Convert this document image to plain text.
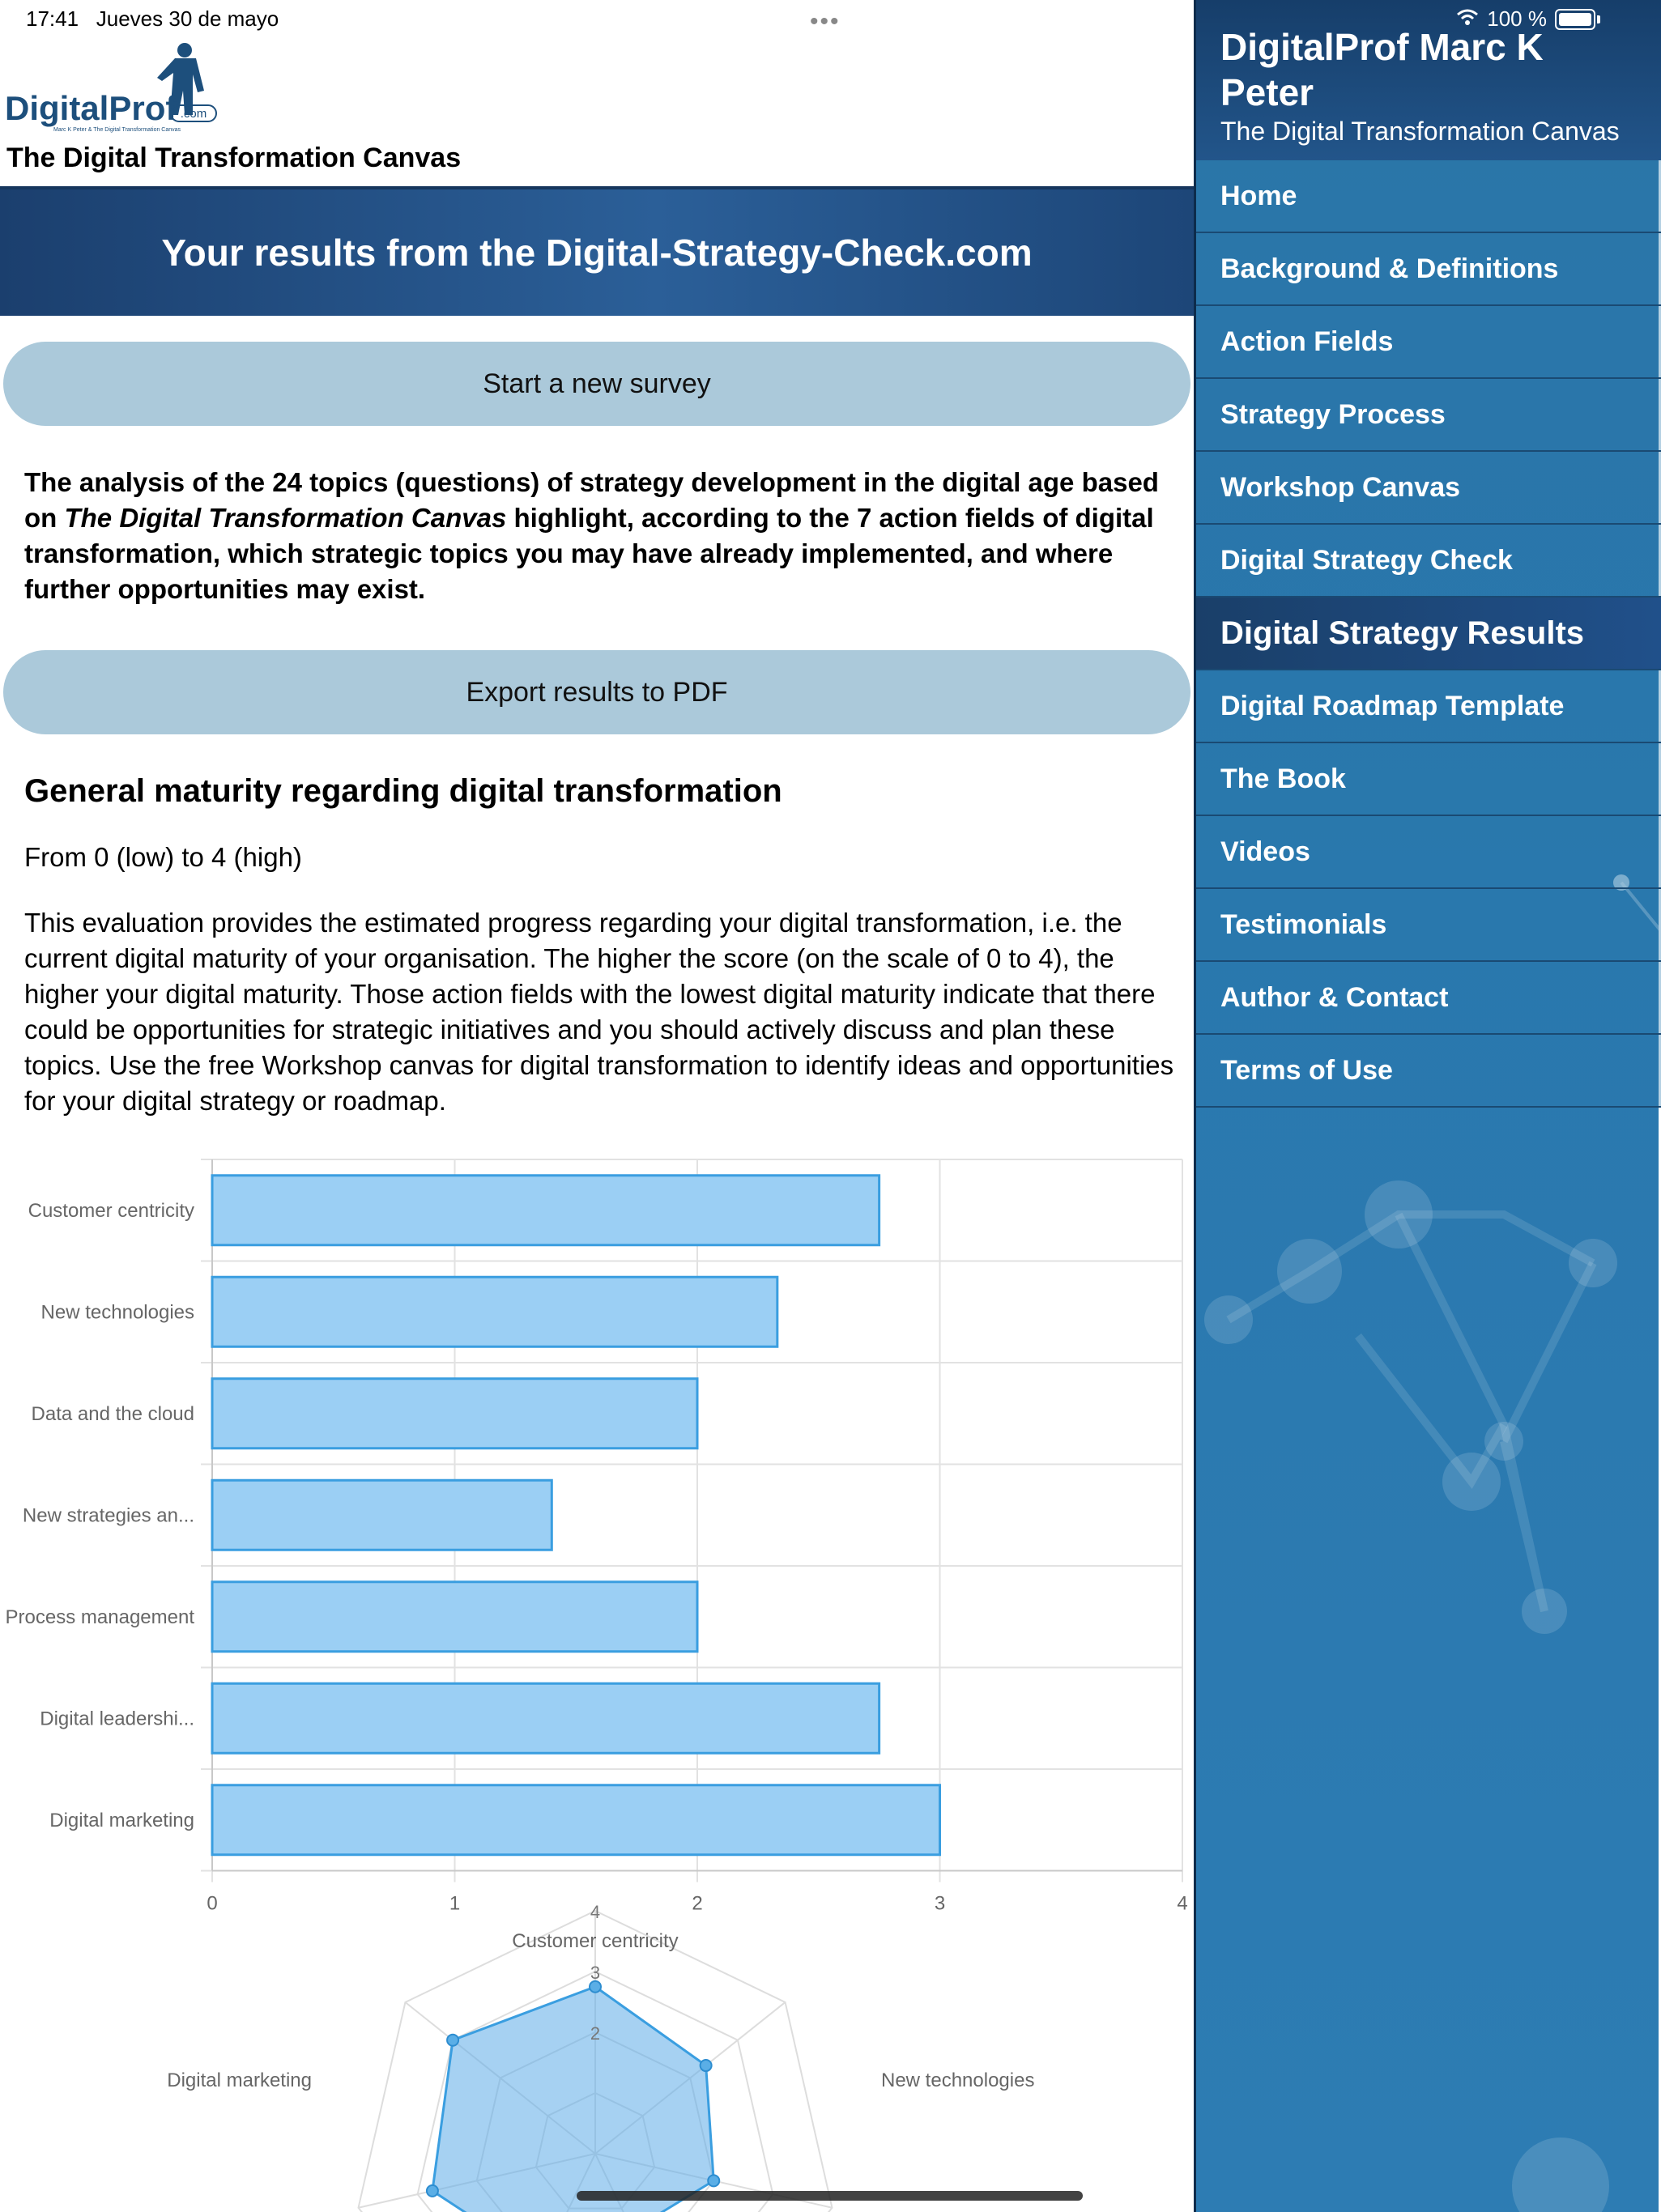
17:41 Jueves 30 de mayo	•••
DigitalProf .com
Marc K Peter & The Digital Transformation Canvas
The Digital Transformation Canvas
Your results from the Digital-Strategy-Check.com
Start a new survey
The analysis of the 24 topics (questions) of strategy development in the digital age based on The Digital Transformation Canvas highlight, according to the 7 action fields of digital transformation, which strategic topics you may have already implemented, and where further opportunities may exist.
Export results to PDF
General maturity regarding digital transformation
From 0 (low) to 4 (high)
This evaluation provides the estimated progress regarding your digital transformation, i.e. the current digital maturity of your organisation. The higher the score (on the scale of 0 to 4), the higher your digital maturity. Those action fields with the lowest digital maturity indicate that there could be opportunities for strategic initiatives and you should actively discuss and plan these topics. Use the free Workshop canvas for digital transformation to identify ideas and opportunities for your digital strategy or roadmap.
0	1	2	3	4
Customer centricity
New technologies
Data and the cloud
New strategies an...
Process management
Digital leadershi...
Digital marketing
2
3
4
Customer centricity
New technologies
Digital marketing
100 %
DigitalProf Marc K Peter
The Digital Transformation Canvas
Home
Background & Definitions
Action Fields
Strategy Process
Workshop Canvas
Digital Strategy Check
Digital Strategy Results
Digital Roadmap Template
The Book
Videos
Testimonials
Author & Contact
Terms of Use
